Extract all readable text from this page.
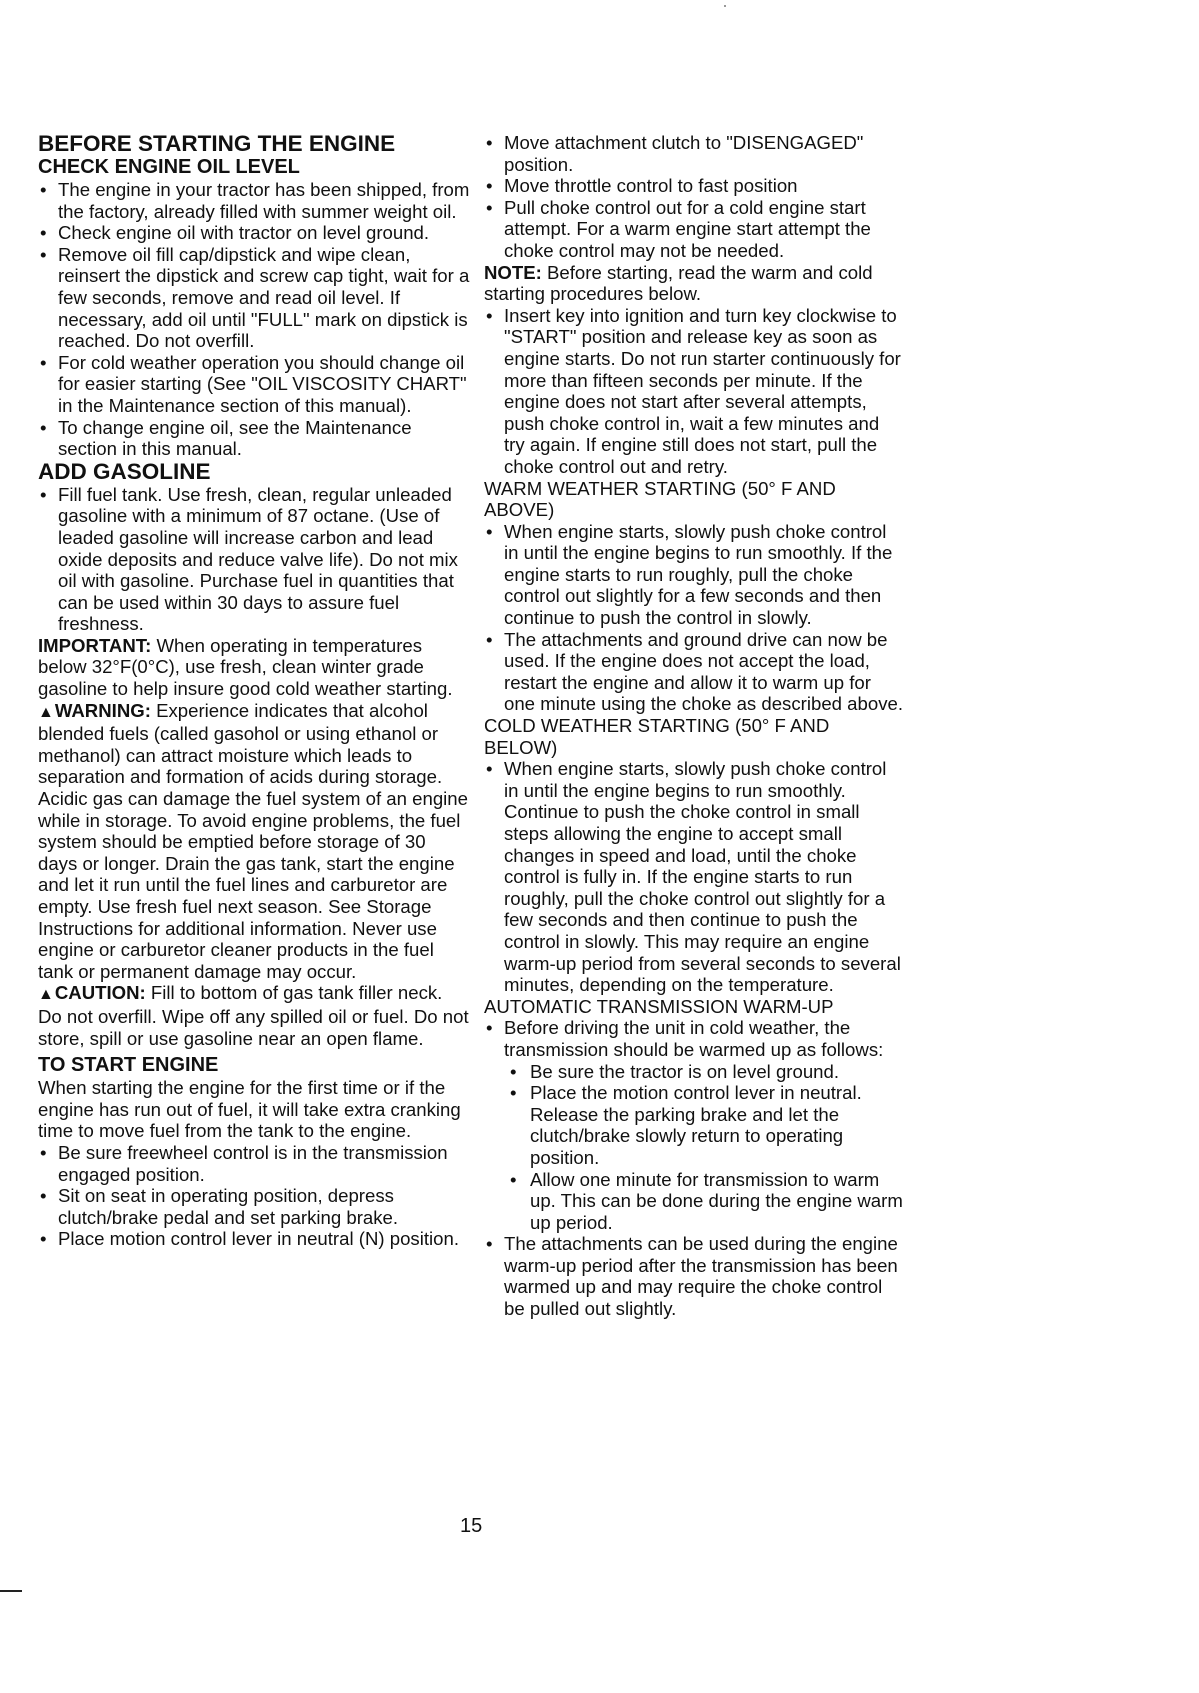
BEFORE STARTING THE ENGINE
CHECK ENGINE OIL LEVEL
• The engine in your tractor has been shipped, from the factory, already filled with summer weight oil.
• Check engine oil with tractor on level ground.
• Remove oil fill cap/dipstick and wipe clean, reinsert the dipstick and screw cap tight, wait for a few seconds, remove and read oil level. If necessary, add oil until "FULL" mark on dipstick is reached. Do not overfill.
• For cold weather operation you should change oil for easier starting (See "OIL VISCOSITY CHART" in the Maintenance section of this manual).
• To change engine oil, see the Maintenance section in this manual.
ADD GASOLINE
• Fill fuel tank. Use fresh, clean, regular unleaded gasoline with a minimum of 87 octane. (Use of leaded gasoline will increase carbon and lead oxide deposits and reduce valve life). Do not mix oil with gasoline. Purchase fuel in quantities that can be used within 30 days to assure fuel freshness.

IMPORTANT: When operating in temperatures below 32°F(0°C), use fresh, clean winter grade gasoline to help insure good cold weather starting.

▲WARNING: Experience indicates that alcohol blended fuels (called gasohol or using ethanol or methanol) can attract moisture which leads to separation and formation of acids during storage. Acidic gas can damage the fuel system of an engine while in storage. To avoid engine problems, the fuel system should be emptied before storage of 30 days or longer. Drain the gas tank, start the engine and let it run until the fuel lines and carburetor are empty. Use fresh fuel next season. See Storage Instructions for additional information. Never use engine or carburetor cleaner products in the fuel tank or permanent damage may occur.

▲CAUTION: Fill to bottom of gas tank filler neck. Do not overfill. Wipe off any spilled oil or fuel. Do not store, spill or use gasoline near an open flame.

TO START ENGINE

When starting the engine for the first time or if the engine has run out of fuel, it will take extra cranking time to move fuel from the tank to the engine.

• Be sure freewheel control is in the transmission engaged position.
• Sit on seat in operating position, depress clutch/brake pedal and set parking brake.
• Place motion control lever in neutral (N) position.
• Move attachment clutch to "DISENGAGED" position.
• Move throttle control to fast position
• Pull choke control out for a cold engine start attempt. For a warm engine start attempt the choke control may not be needed.

NOTE: Before starting, read the warm and cold starting procedures below.

• Insert key into ignition and turn key clockwise to "START" position and release key as soon as engine starts. Do not run starter continuously for more than fifteen seconds per minute. If the engine does not start after several attempts, push choke control in, wait a few minutes and try again. If engine still does not start, pull the choke control out and retry.
WARM WEATHER STARTING (50° F AND ABOVE)
• When engine starts, slowly push choke control in until the engine begins to run smoothly. If the engine starts to run roughly, pull the choke control out slightly for a few seconds and then continue to push the control in slowly.
• The attachments and ground drive can now be used. If the engine does not accept the load, restart the engine and allow it to warm up for one minute using the choke as described above.
COLD WEATHER STARTING (50° F AND BELOW)
• When engine starts, slowly push choke control in until the engine begins to run smoothly. Continue to push the choke control in small steps allowing the engine to accept small changes in speed and load, until the choke control is fully in. If the engine starts to run roughly, pull the choke control out slightly for a few seconds and then continue to push the control in slowly. This may require an engine warm-up period from several seconds to several minutes, depending on the temperature.
AUTOMATIC TRANSMISSION WARM-UP
• Before driving the unit in cold weather, the transmission should be warmed up as follows:
• Be sure the tractor is on level ground.
• Place the motion control lever in neutral. Release the parking brake and let the clutch/brake slowly return to operating position.
• Allow one minute for transmission to warm up. This can be done during the engine warm up period.
• The attachments can be used during the engine warm-up period after the transmission has been warmed up and may require the choke control be pulled out slightly.
15
